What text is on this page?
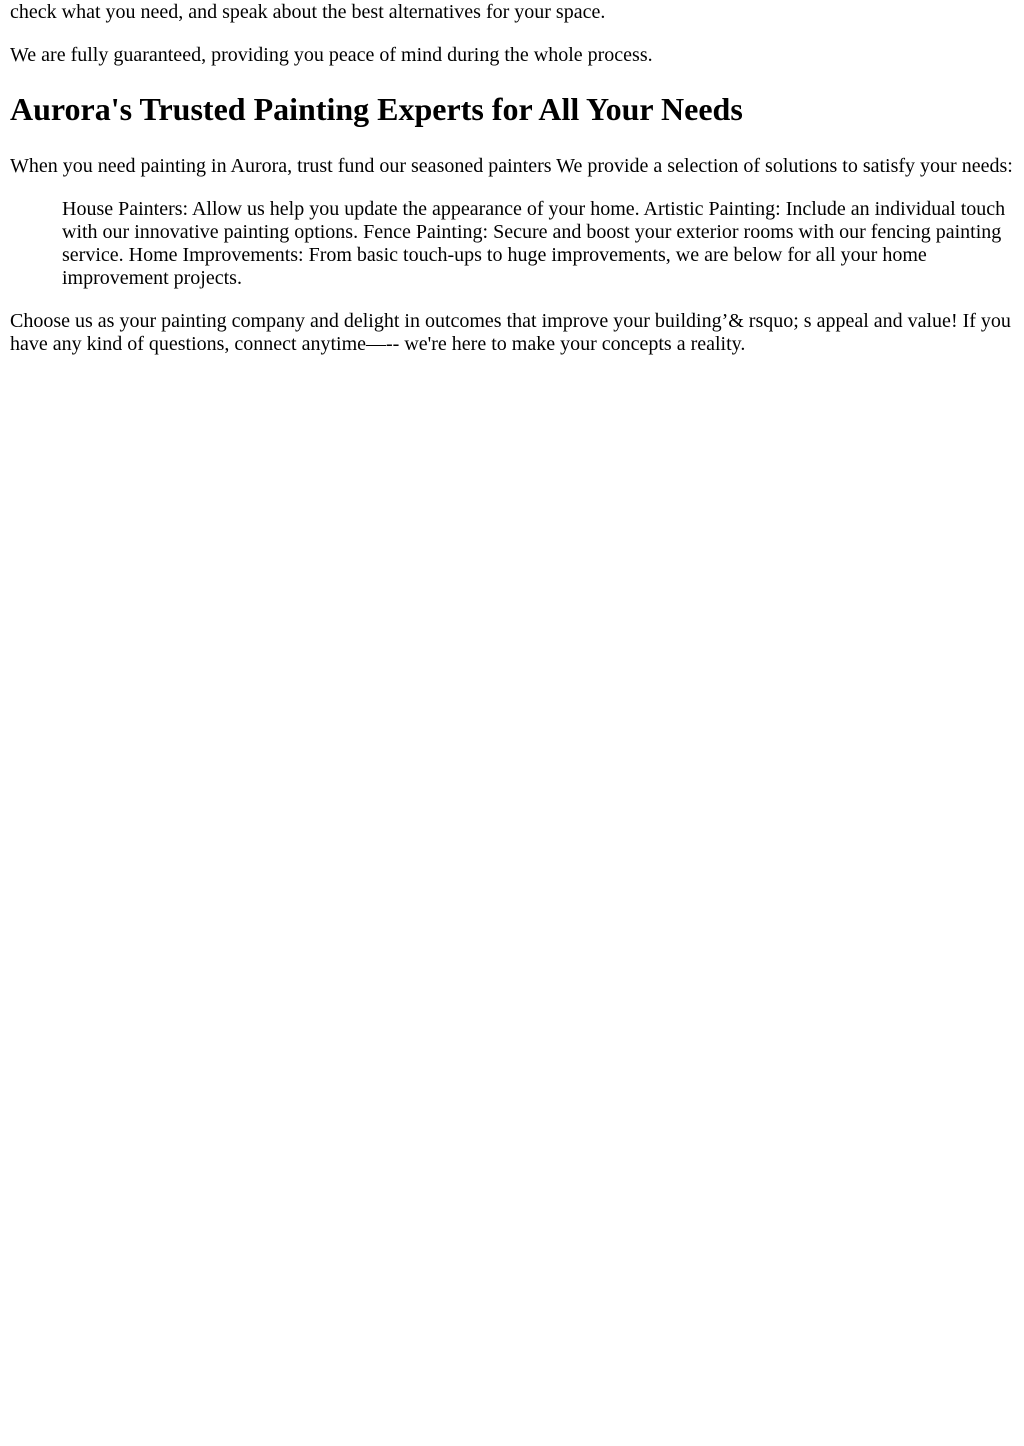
check what you need, and speak about the best alternatives for your space.

We are fully guaranteed, providing you peace of mind during the whole process.

Aurora's Trusted Painting Experts for All Your Needs

When you need painting in Aurora, trust fund our seasoned painters We provide a selection of solutions to satisfy your needs:

House Painters: Allow us help you update the appearance of your home. Artistic Painting: Include an individual touch with our innovative painting options. Fence Painting: Secure and boost your exterior rooms with our fencing painting service. Home Improvements: From basic touch-ups to huge improvements, we are below for all your home improvement projects.

Choose us as your painting company and delight in outcomes that improve your building’& rsquo; s appeal and value! If you have any kind of questions, connect anytime—-- we're here to make your concepts a reality.
